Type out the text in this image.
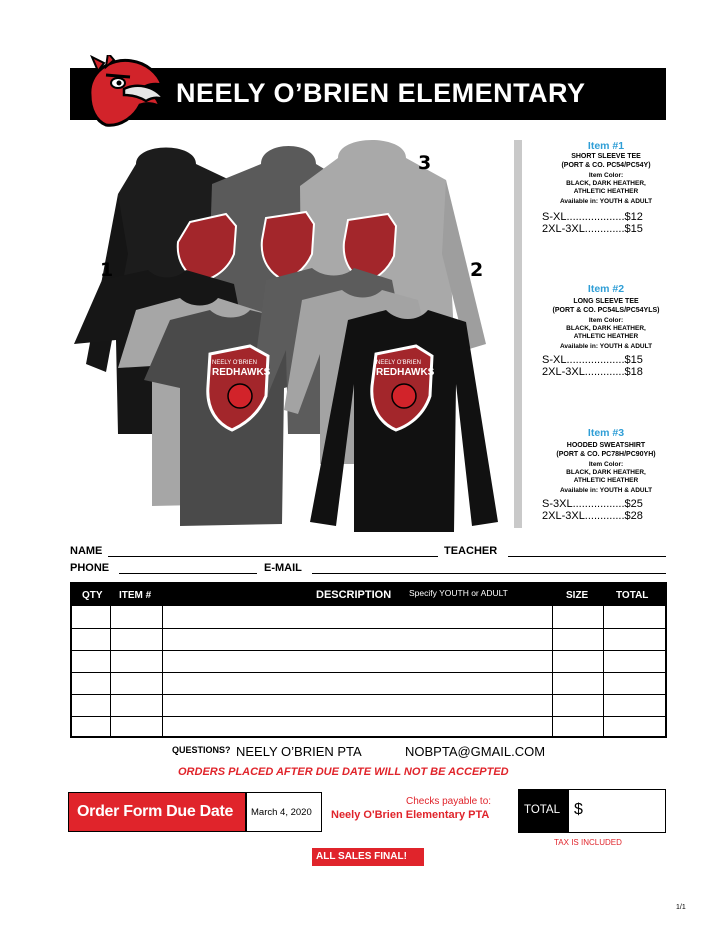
NEELY O’BRIEN ELEMENTARY
NEELY O'BRIEN
REDHAWKS
NEELY O'BRIEN
REDHAWKS
1	2
3
Item #1
SHORT SLEEVE TEE
(PORT & CO. PC54/PC54Y)
Item Color:
BLACK, DARK HEATHER,
ATHLETIC HEATHER
Available in: YOUTH & ADULT
S-XL...................$12
2XL-3XL.............$15
Item #2
LONG SLEEVE TEE
(PORT & CO. PC54LS/PC54YLS)
Item Color:
BLACK, DARK HEATHER,
ATHLETIC HEATHER
Available in: YOUTH & ADULT
S-XL...................$15
2XL-3XL.............$18
Item #3
HOODED SWEATSHIRT
(PORT & CO. PC78H/PC90YH)
Item Color:
BLACK, DARK HEATHER,
ATHLETIC HEATHER
Available in: YOUTH & ADULT
S-3XL.................$25
2XL-3XL.............$28
NAME	TEACHER
PHONE	E-MAIL
QTY ITEM #	DESCRIPTION Specify YOUTH or ADULT	SIZE	TOTAL
QUESTIONS? NEELY O’BRIEN PTA	NOBPTA@GMAIL.COM
ORDERS PLACED AFTER DUE DATE WILL NOT BE ACCEPTED
Order Form Due Date March 4, 2020
Checks payable to:
Neely O'Brien Elementary PTA	TOTAL $
TAX IS INCLUDED
ALL SALES FINAL!
1/1
